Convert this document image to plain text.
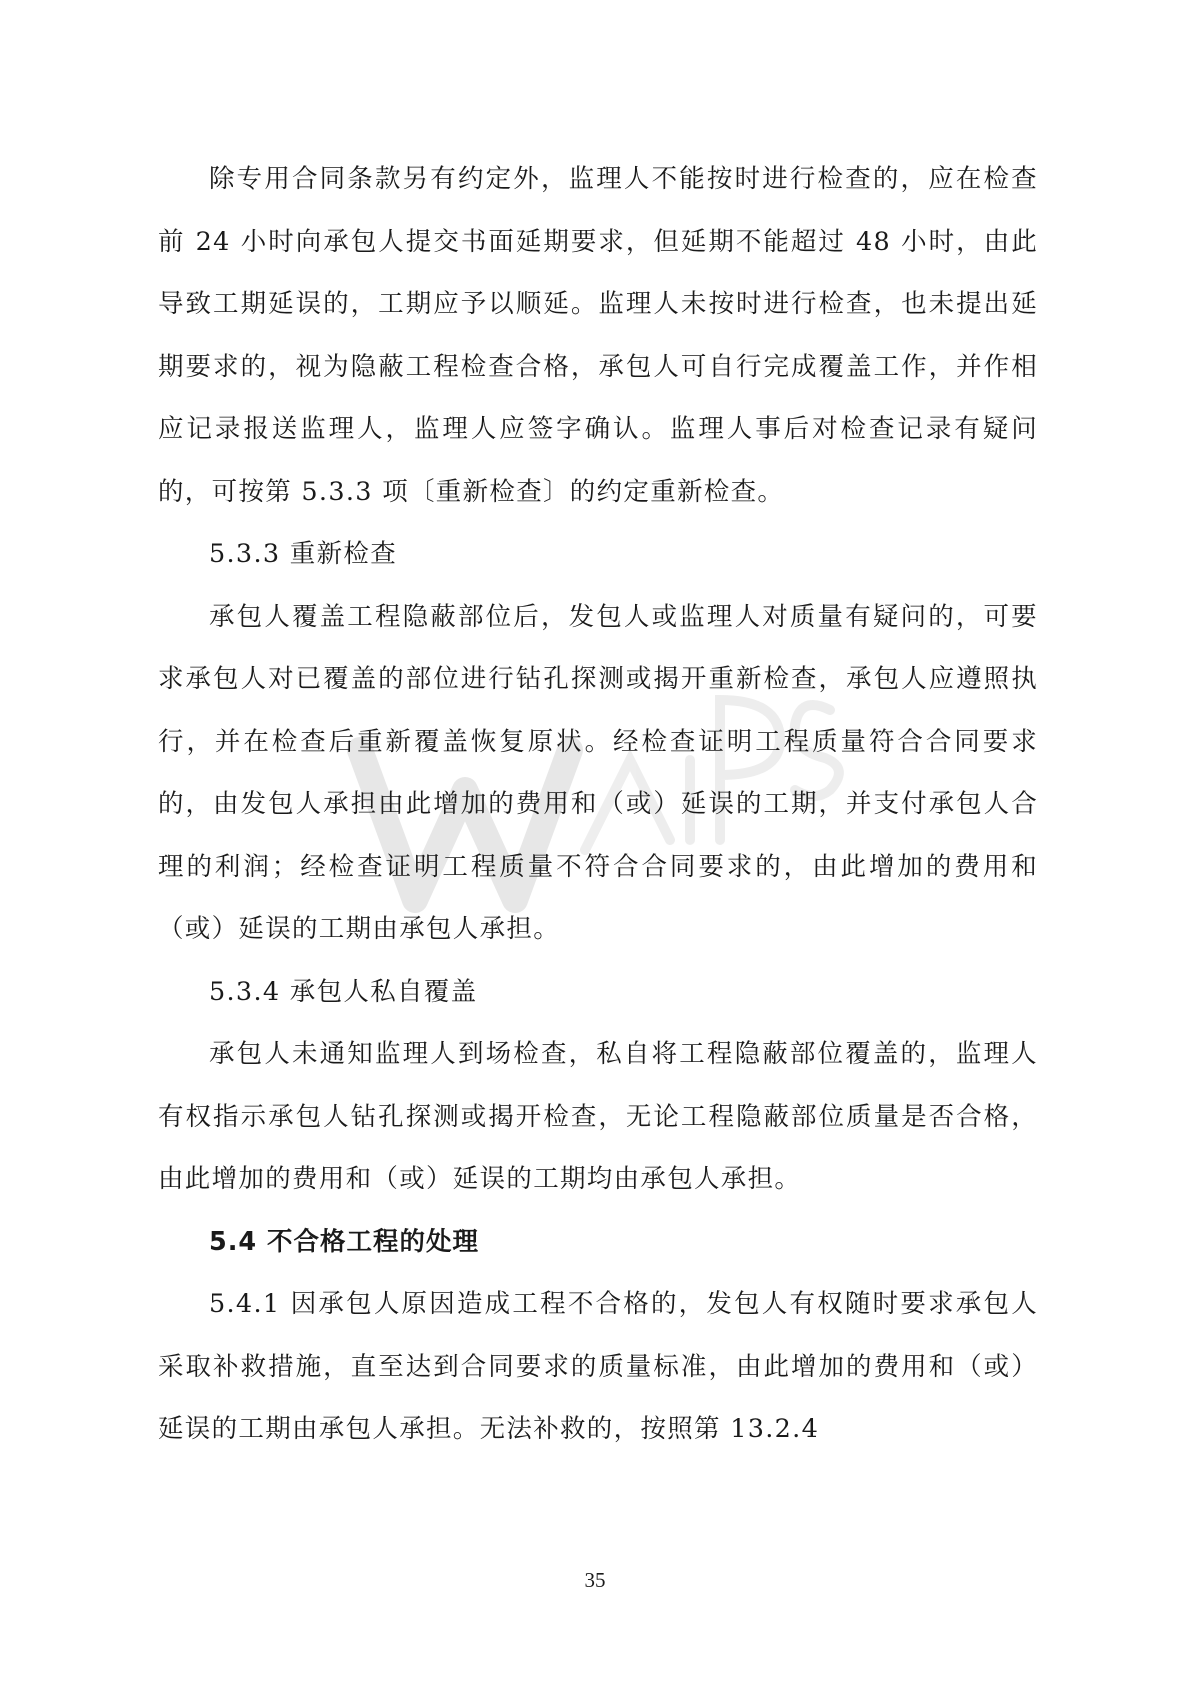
除专用合同条款另有约定外，监理人不能按时进行检查的，应在检查前 24 小时向承包人提交书面延期要求，但延期不能超过 48 小时，由此导致工期延误的，工期应予以顺延。监理人未按时进行检查，也未提出延期要求的，视为隐蔽工程检查合格，承包人可自行完成覆盖工作，并作相应记录报送监理人，监理人应签字确认。监理人事后对检查记录有疑问的，可按第 5.3.3 项〔重新检查〕的约定重新检查。

5.3.3 重新检查

承包人覆盖工程隐蔽部位后，发包人或监理人对质量有疑问的，可要求承包人对已覆盖的部位进行钻孔探测或揭开重新检查，承包人应遵照执行，并在检查后重新覆盖恢复原状。经检查证明工程质量符合合同要求的，由发包人承担由此增加的费用和（或）延误的工期，并支付承包人合理的利润；经检查证明工程质量不符合合同要求的，由此增加的费用和（或）延误的工期由承包人承担。

5.3.4 承包人私自覆盖

承包人未通知监理人到场检查，私自将工程隐蔽部位覆盖的，监理人有权指示承包人钻孔探测或揭开检查，无论工程隐蔽部位质量是否合格，由此增加的费用和（或）延误的工期均由承包人承担。

5.4 不合格工程的处理

5.4.1 因承包人原因造成工程不合格的，发包人有权随时要求承包人采取补救措施，直至达到合同要求的质量标准，由此增加的费用和（或）延误的工期由承包人承担。无法补救的，按照第 13.2.4

35
